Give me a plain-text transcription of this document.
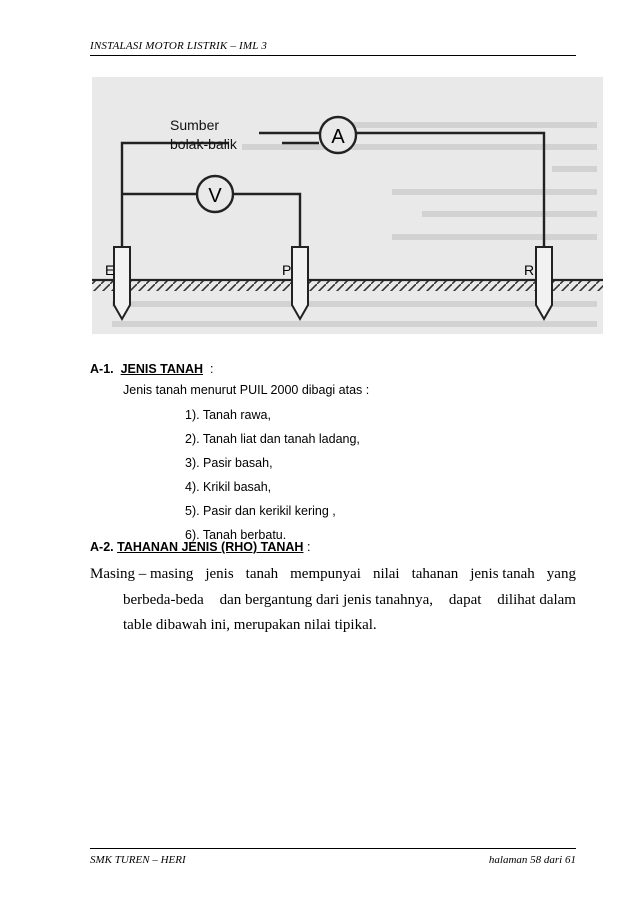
INSTALASI MOTOR LISTRIK – IML 3
A
V
Sumber
bolak-balik
E	P	R
A-1. JENIS TANAH :
Jenis tanah menurut PUIL 2000 dibagi atas :
1). Tanah rawa,
2). Tanah liat dan tanah ladang,
3). Pasir basah,
4). Krikil basah,
5). Pasir dan kerikil kering ,
6). Tanah berbatu.
A-2. TAHANAN JENIS (RHO) TANAH :
Masing – masing jenis tanah mempunyai nilai tahanan jenis tanah yang
berbeda-beda dan bergantung dari jenis tanahnya, dapat dilihat dalam
table dibawah ini, merupakan nilai tipikal.
SMK TUREN – HERI	halaman 58 dari 61
